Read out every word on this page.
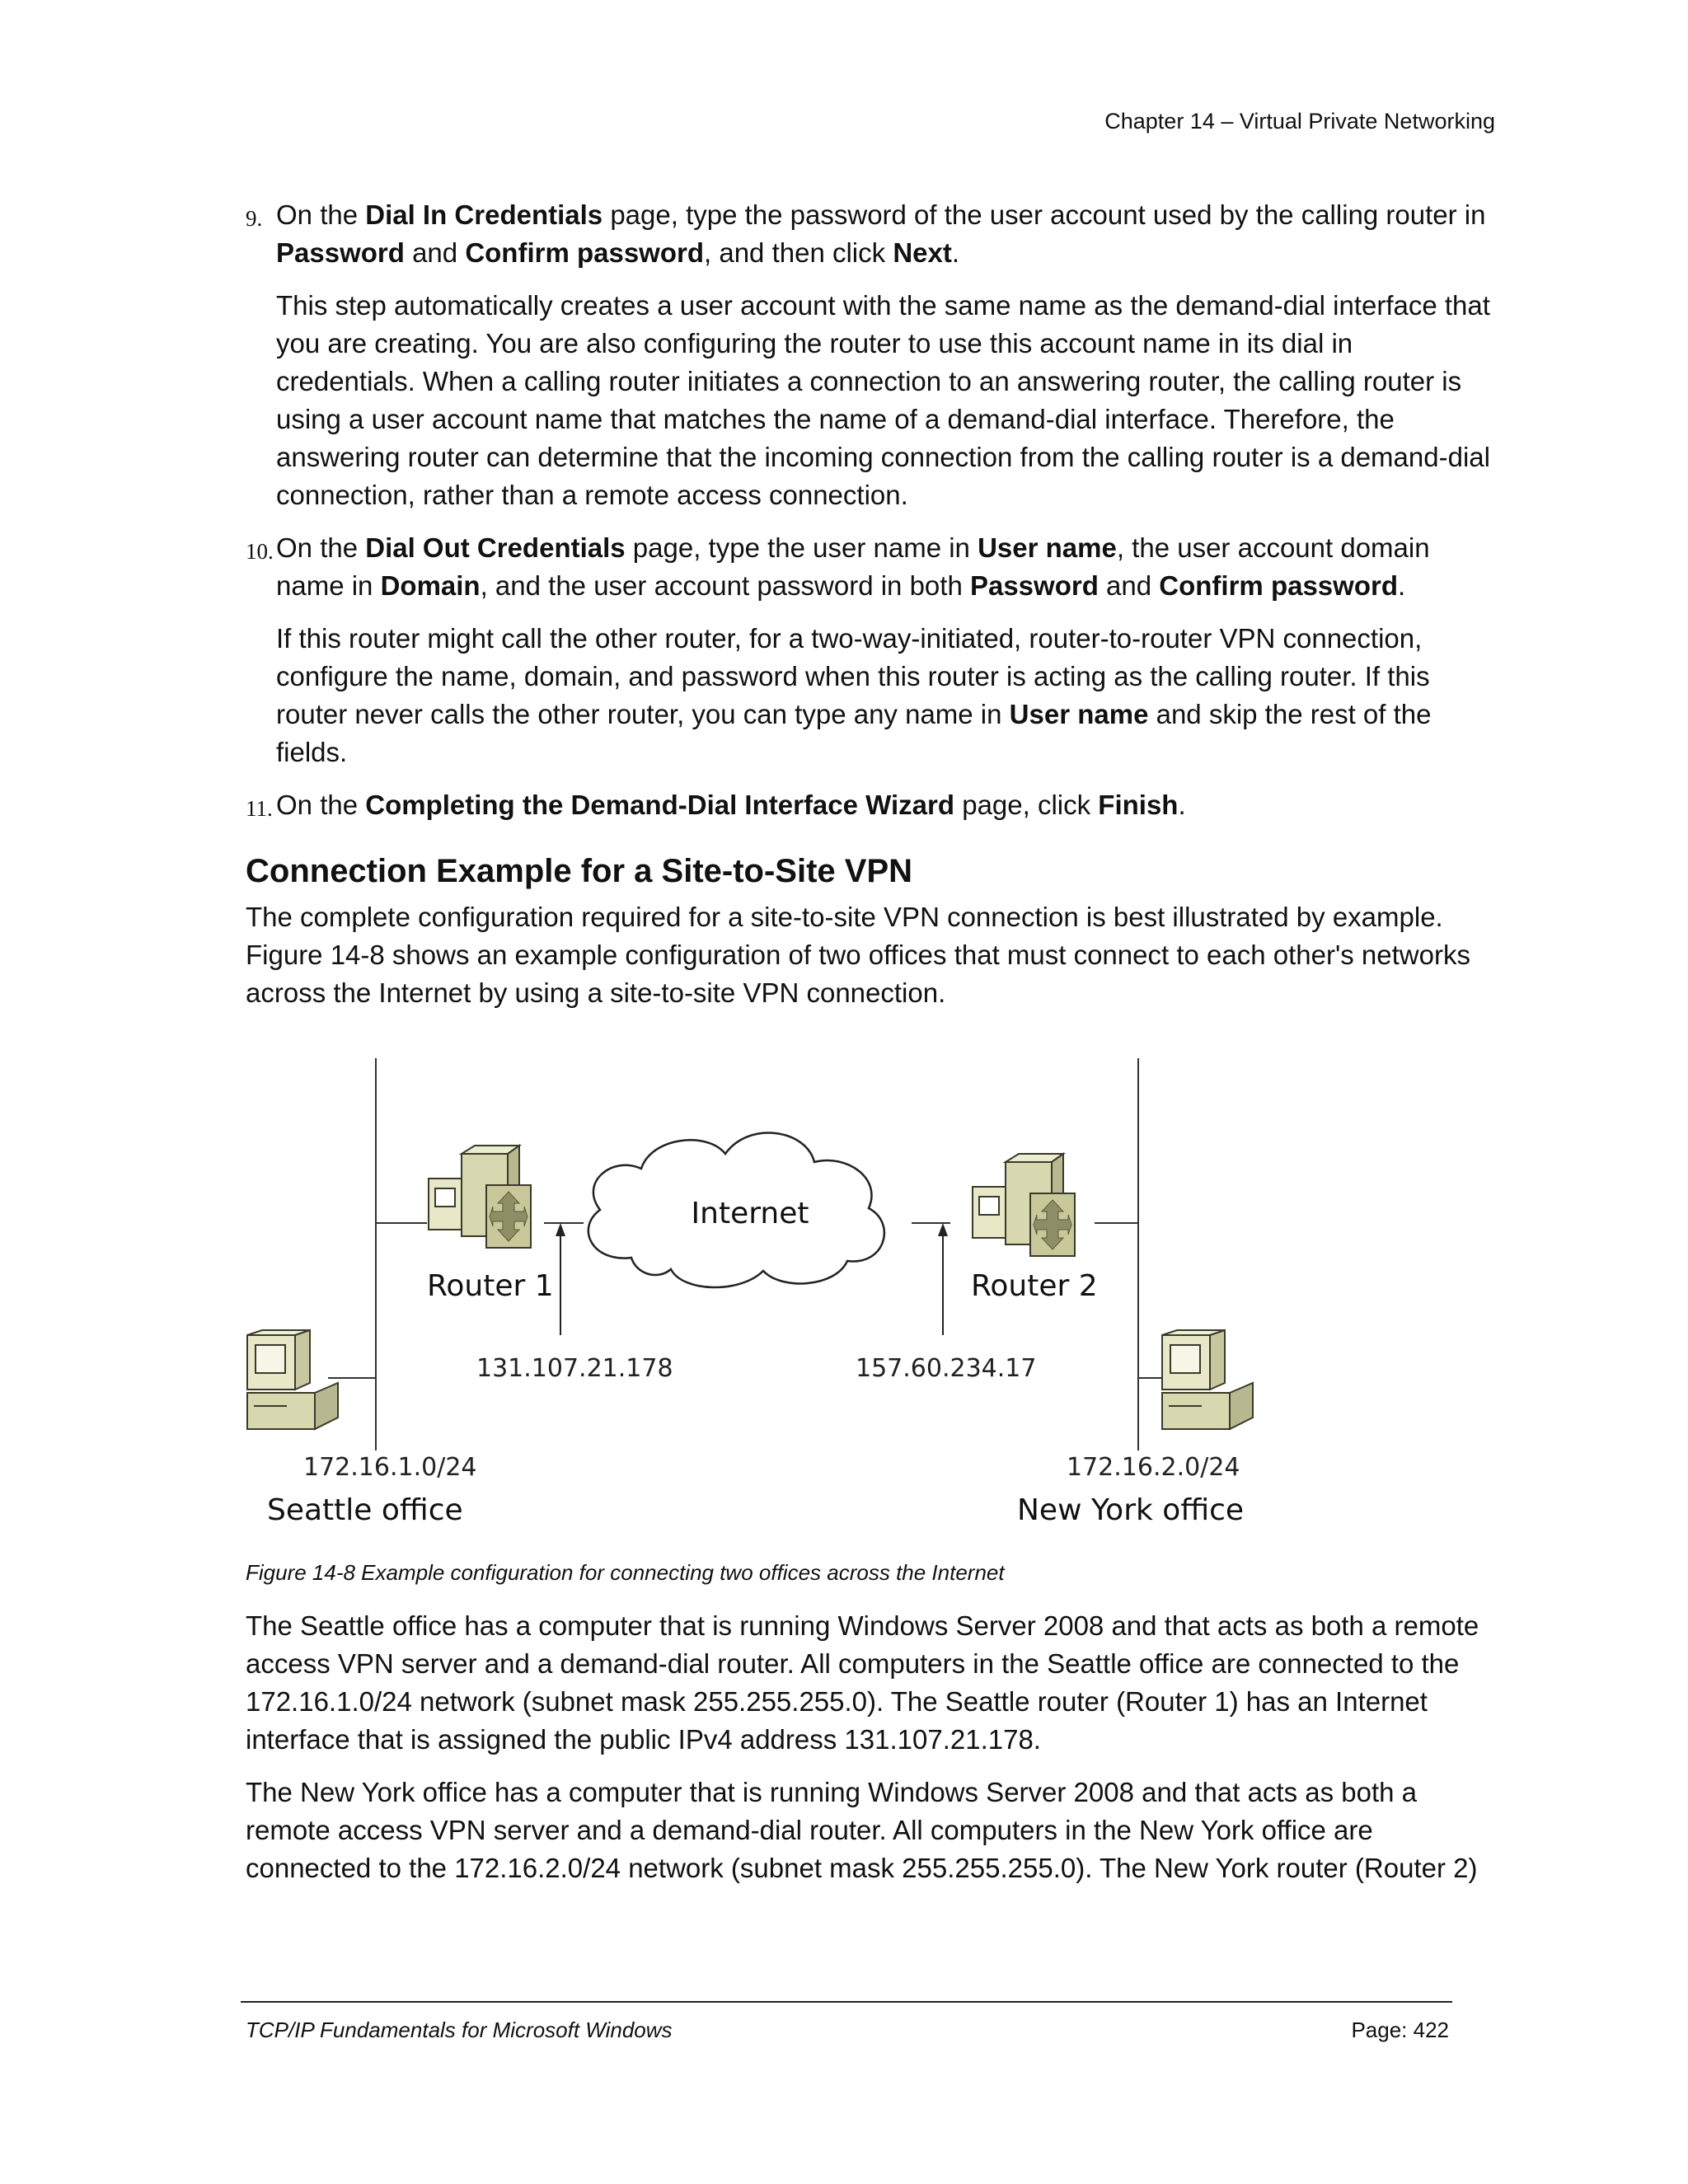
Chapter 14 – Virtual Private Networking
9. On the Dial In Credentials page, type the password of the user account used by the calling router in Password and Confirm password, and then click Next.

This step automatically creates a user account with the same name as the demand-dial interface that you are creating. You are also configuring the router to use this account name in its dial in credentials. When a calling router initiates a connection to an answering router, the calling router is using a user account name that matches the name of a demand-dial interface. Therefore, the answering router can determine that the incoming connection from the calling router is a demand-dial connection, rather than a remote access connection.

10. On the Dial Out Credentials page, type the user name in User name, the user account domain name in Domain, and the user account password in both Password and Confirm password.

If this router might call the other router, for a two-way-initiated, router-to-router VPN connection, configure the name, domain, and password when this router is acting as the calling router. If this router never calls the other router, you can type any name in User name and skip the rest of the fields.

11. On the Completing the Demand-Dial Interface Wizard page, click Finish.
Connection Example for a Site-to-Site VPN

The complete configuration required for a site-to-site VPN connection is best illustrated by example. Figure 14-8 shows an example configuration of two offices that must connect to each other's networks across the Internet by using a site-to-site VPN connection.

Internet
Router 1	Router 2
131.107.21.178	157.60.234.17
172.16.1.0/24	172.16.2.0/24
Seattle office	New York office
Figure 14-8 Example configuration for connecting two offices across the Internet

The Seattle office has a computer that is running Windows Server 2008 and that acts as both a remote access VPN server and a demand-dial router. All computers in the Seattle office are connected to the 172.16.1.0/24 network (subnet mask 255.255.255.0). The Seattle router (Router 1) has an Internet interface that is assigned the public IPv4 address 131.107.21.178.

The New York office has a computer that is running Windows Server 2008 and that acts as both a remote access VPN server and a demand-dial router. All computers in the New York office are connected to the 172.16.2.0/24 network (subnet mask 255.255.255.0). The New York router (Router 2)

TCP/IP Fundamentals for Microsoft Windows	Page: 422
